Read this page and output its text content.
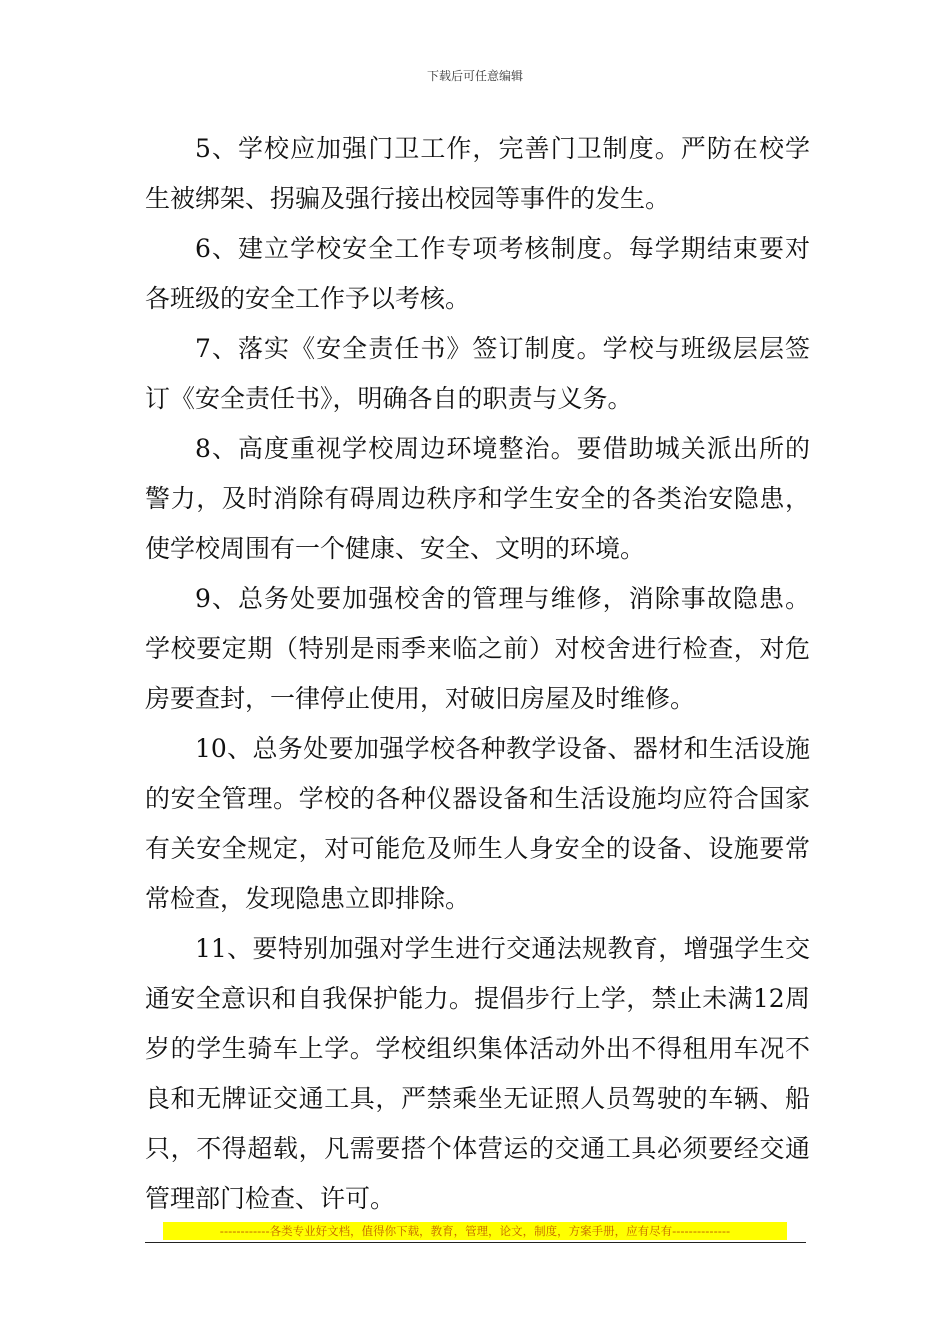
下载后可任意编辑

5、学校应加强门卫工作，完善门卫制度。严防在校学生被绑架、拐骗及强行接出校园等事件的发生。

6、建立学校安全工作专项考核制度。每学期结束要对各班级的安全工作予以考核。

7、落实《安全责任书》签订制度。学校与班级层层签订《安全责任书》，明确各自的职责与义务。

8、高度重视学校周边环境整治。要借助城关派出所的警力，及时消除有碍周边秩序和学生安全的各类治安隐患，使学校周围有一个健康、安全、文明的环境。

9、总务处要加强校舍的管理与维修，消除事故隐患。学校要定期（特别是雨季来临之前）对校舍进行检查，对危房要查封，一律停止使用，对破旧房屋及时维修。

10、总务处要加强学校各种教学设备、器材和生活设施的安全管理。学校的各种仪器设备和生活设施均应符合国家有关安全规定，对可能危及师生人身安全的设备、设施要常常检查，发现隐患立即排除。

11、要特别加强对学生进行交通法规教育，增强学生交通安全意识和自我保护能力。提倡步行上学，禁止未满12周岁的学生骑车上学。学校组织集体活动外出不得租用车况不良和无牌证交通工具，严禁乘坐无证照人员驾驶的车辆、船只，不得超载，凡需要搭个体营运的交通工具必须要经交通管理部门检查、许可。

------------各类专业好文档，值得你下载，教育，管理，论文，制度，方案手册，应有尽有--------------
